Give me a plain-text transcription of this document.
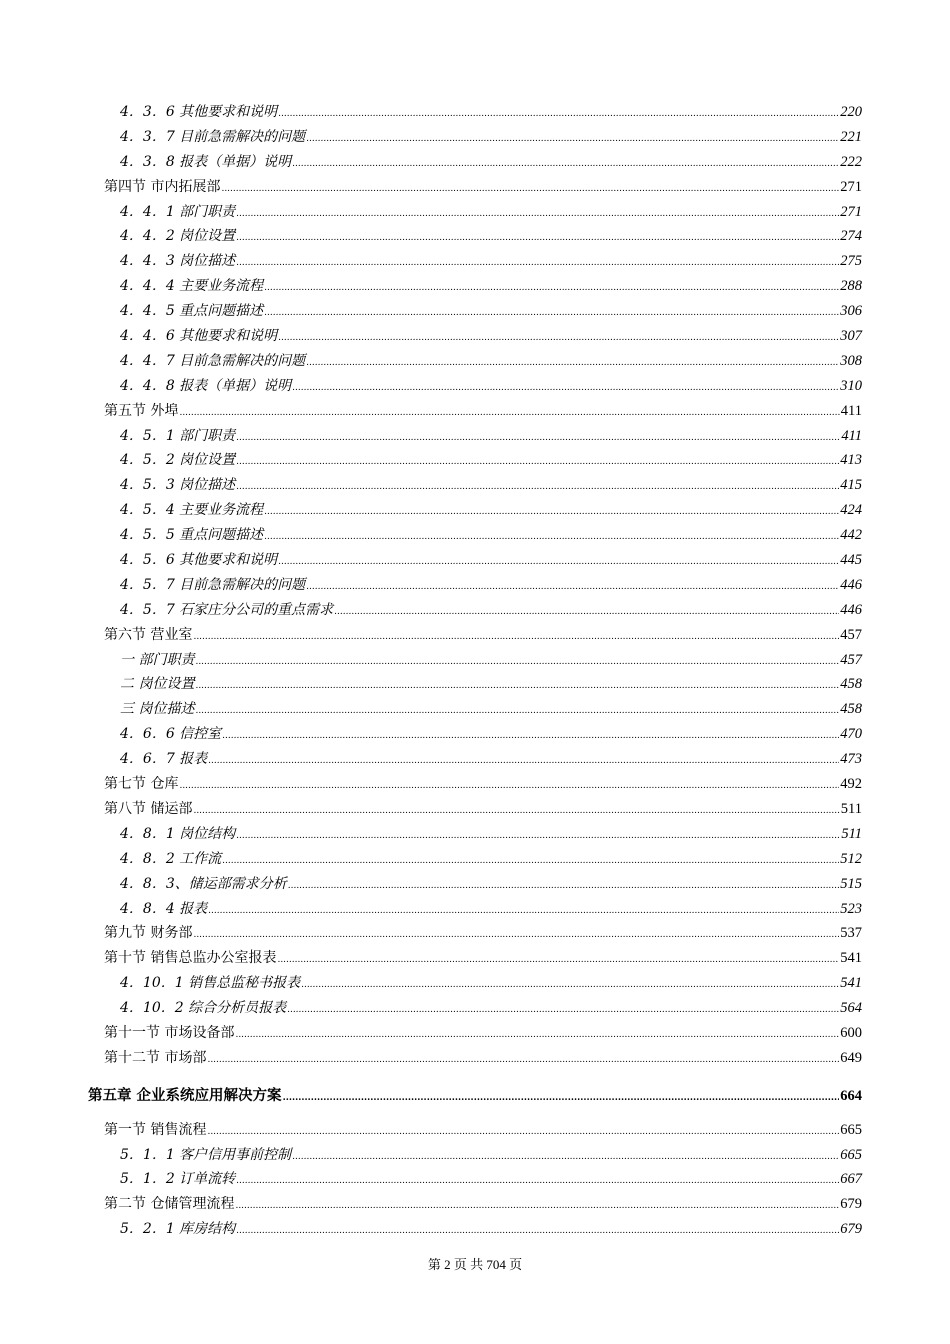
4．3．6 其他要求和说明 .....	220
4．3．7 目前急需解决的问题 .....	221
4．3．8 报表（单据）说明 .....	222
第四节 市内拓展部 .....	271
4．4．1 部门职责 .....	271
4．4．2 岗位设置 .....	274
4．4．3 岗位描述 .....	275
4．4．4 主要业务流程 .....	288
4．4．5 重点问题描述 .....	306
4．4．6 其他要求和说明 .....	307
4．4．7 目前急需解决的问题 .....	308
4．4．8 报表（单据）说明 .....	310
第五节 外埠 .....	411
4．5．1 部门职责 .....	411
4．5．2 岗位设置 .....	413
4．5．3 岗位描述 .....	415
4．5．4 主要业务流程 .....	424
4．5．5 重点问题描述 .....	442
4．5．6 其他要求和说明 .....	445
4．5．7 目前急需解决的问题 .....	446
4．5．7 石家庄分公司的重点需求 .....	446
第六节 营业室 .....	457
一 部门职责 .....	457
二 岗位设置 .....	458
三 岗位描述 .....	458
4．6．6 信控室 .....	470
4．6．7 报表 .....	473
第七节 仓库 .....	492
第八节 储运部 .....	511
4．8．1 岗位结构 .....	511
4．8．2 工作流 .....	512
4．8．3、储运部需求分析 .....	515
4．8．4 报表 .....	523
第九节 财务部 .....	537
第十节 销售总监办公室报表 .....	541
4．10．1 销售总监秘书报表 .....	541
4．10．2 综合分析员报表 .....	564
第十一节 市场设备部 .....	600
第十二节 市场部 .....	649
第五章 企业系统应用解决方案 .....	664
第一节 销售流程 .....	665
5．1．1 客户信用事前控制 .....	665
5．1．2 订单流转 .....	667
第二节 仓储管理流程 .....	679
5．2．1 库房结构 .....	679
第 2 页 共 704 页
